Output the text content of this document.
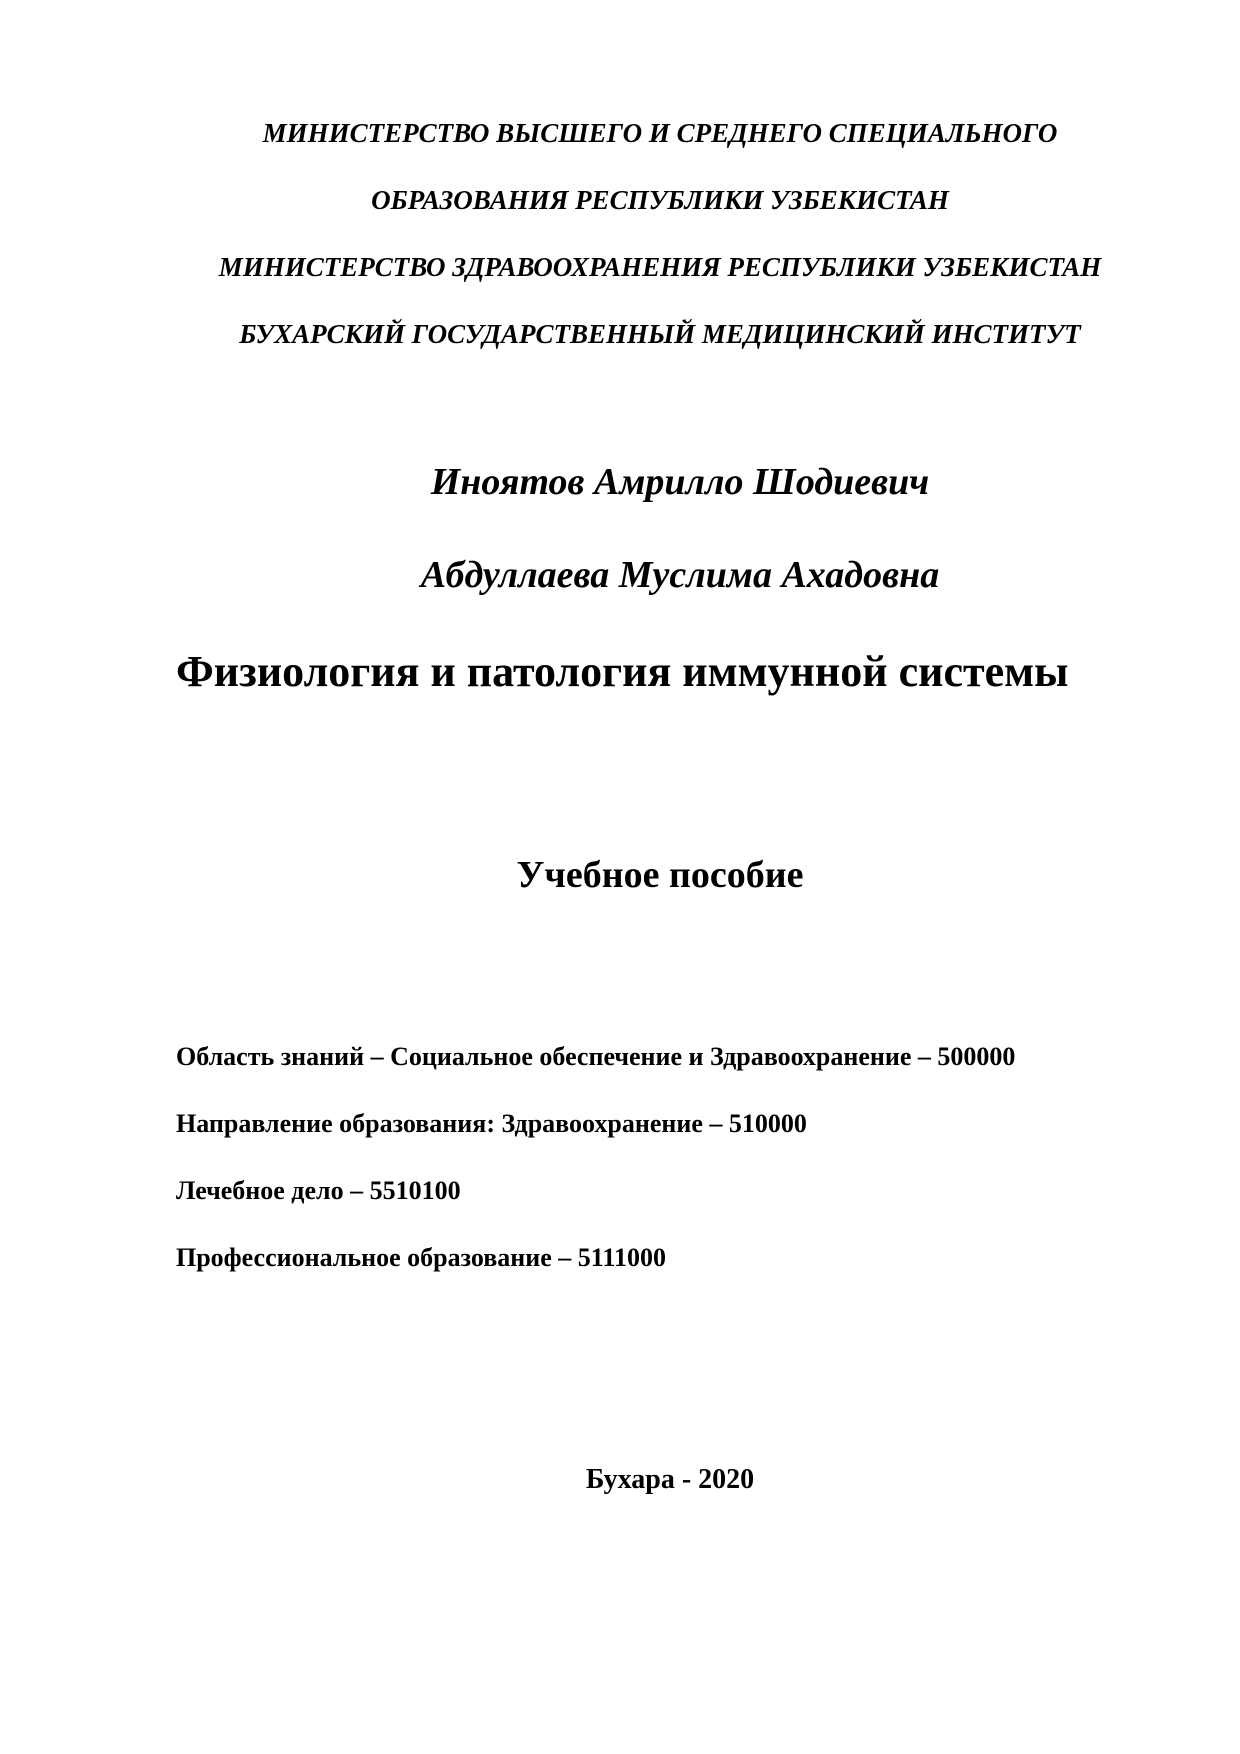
МИНИСТЕРСТВО ВЫСШЕГО И СРЕДНЕГО СПЕЦИАЛЬНОГО
ОБРАЗОВАНИЯ РЕСПУБЛИКИ УЗБЕКИСТАН
МИНИСТЕРСТВО ЗДРАВООХРАНЕНИЯ РЕСПУБЛИКИ УЗБЕКИСТАН
БУХАРСКИЙ ГОСУДАРСТВЕННЫЙ МЕДИЦИНСКИЙ ИНСТИТУТ
Иноятов Амрилло Шодиевич
Абдуллаева Муслима Ахадовна
Физиология и патология иммунной системы
Учебное пособие
Область знаний – Социальное обеспечение и Здравоохранение – 500000
Направление образования: Здравоохранение – 510000
Лечебное дело – 5510100
Профессиональное образование – 5111000
Бухара - 2020
